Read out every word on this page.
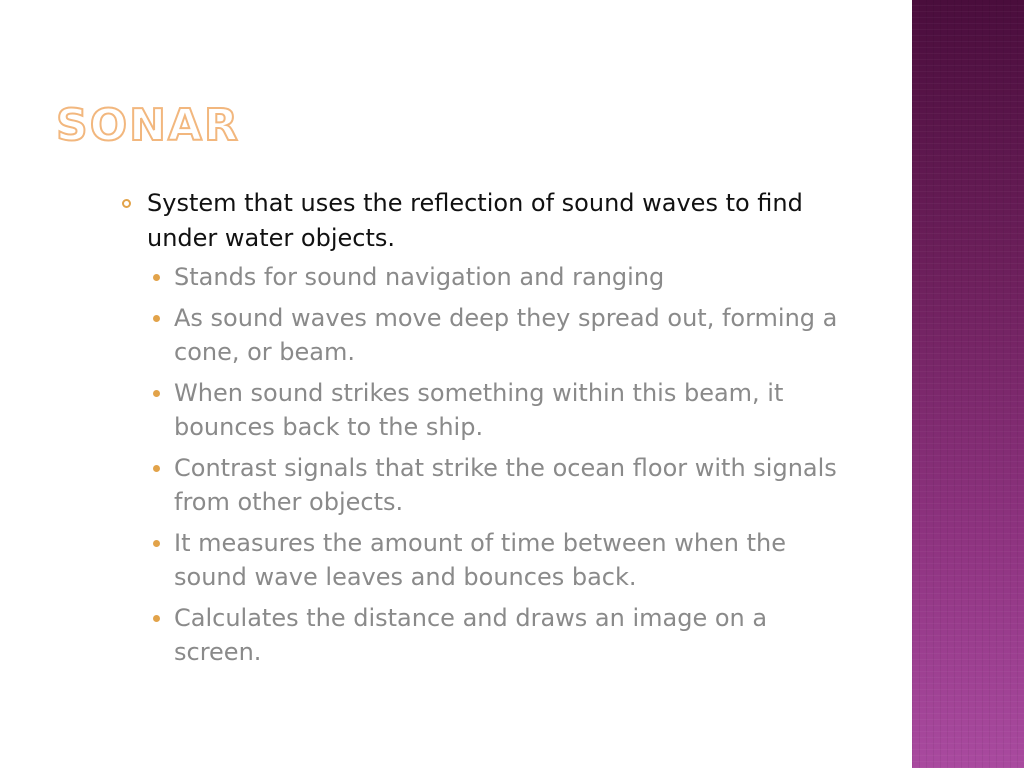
SONAR
System that uses the reflection of sound waves to find under water objects.
Stands for sound navigation and ranging
As sound waves move deep they spread out, forming a cone, or beam.
When sound strikes something within this beam, it bounces back to the ship.
Contrast signals that strike the ocean floor with signals from other objects.
It measures the amount of time between when the sound wave leaves and bounces back.
Calculates the distance and draws an image on a screen.
